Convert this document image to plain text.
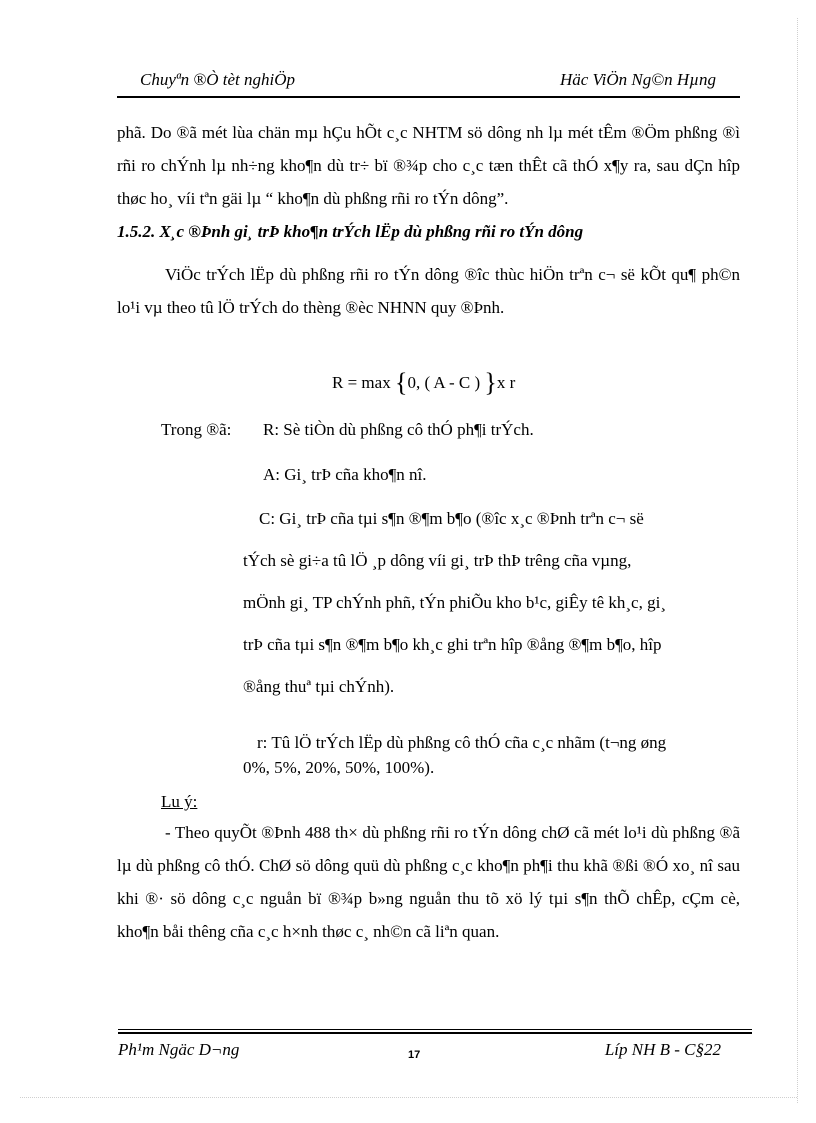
Chuyªn ®Ò tèt nghiÖp	Häc ViÖn Ng©n Hµng

phã. Do ®ã mét lùa chän mµ hÇu hÕt c¸c NHTM sö dông nh lµ mét tÊm ®Öm phßng ®ì rñi ro chÝnh lµ nh÷ng kho¶n dù tr÷ bï ®¾p cho c¸c tæn thÊt cã thÓ x¶y ra, sau dÇn hîp thøc ho¸ víi tªn gäi lµ “ kho¶n dù phßng rñi ro tÝn dông”.

1.5.2. X¸c ®Þnh gi¸ trÞ kho¶n trÝch lËp dù phßng rñi ro tÝn dông

ViÖc trÝch lËp dù phßng rñi ro tÝn dông ®îc thùc hiÖn trªn c¬ së kÕt qu¶ ph©n lo¹i vµ theo tû lÖ trÝch do thèng ®èc NHNN quy ®Þnh.

R = max {0, ( A - C ) }x r
Trong ®ã: R: Sè tiÒn dù phßng cô thÓ ph¶i trÝch.
A: Gi¸ trÞ cña kho¶n nî.

C: Gi¸ trÞ cña tµi s¶n ®¶m b¶o (®îc x¸c ®Þnh trªn c¬ së

tÝch sè gi÷a tû lÖ ¸p dông víi gi¸ trÞ thÞ trêng cña vµng,

mÖnh gi¸ TP chÝnh phñ, tÝn phiÕu kho b¹c, giÊy tê kh¸c, gi¸

trÞ cña tµi s¶n ®¶m b¶o kh¸c ghi trªn hîp ®ång ®¶m b¶o, hîp

®ång thuª tµi chÝnh).

r: Tû lÖ trÝch lËp dù phßng cô thÓ cña c¸c nhãm (t¬ng øng
0%, 5%, 20%, 50%, 100%).
Lu ý:

- Theo quyÕt ®Þnh 488 th× dù phßng rñi ro tÝn dông chØ cã mét lo¹i dù phßng ®ã lµ dù phßng cô thÓ. ChØ sö dông quü dù phßng c¸c kho¶n ph¶i thu khã ®ßi ®Ó xo¸ nî sau khi ®· sö dông c¸c nguån bï ®¾p b»ng nguån thu tõ xö lý tµi s¶n thÕ chÊp, cÇm cè, kho¶n båi thêng cña c¸c h×nh thøc c¸ nh©n cã liªn quan.

Ph¹m Ngäc D¬ng	17	Líp NH B - C§22
